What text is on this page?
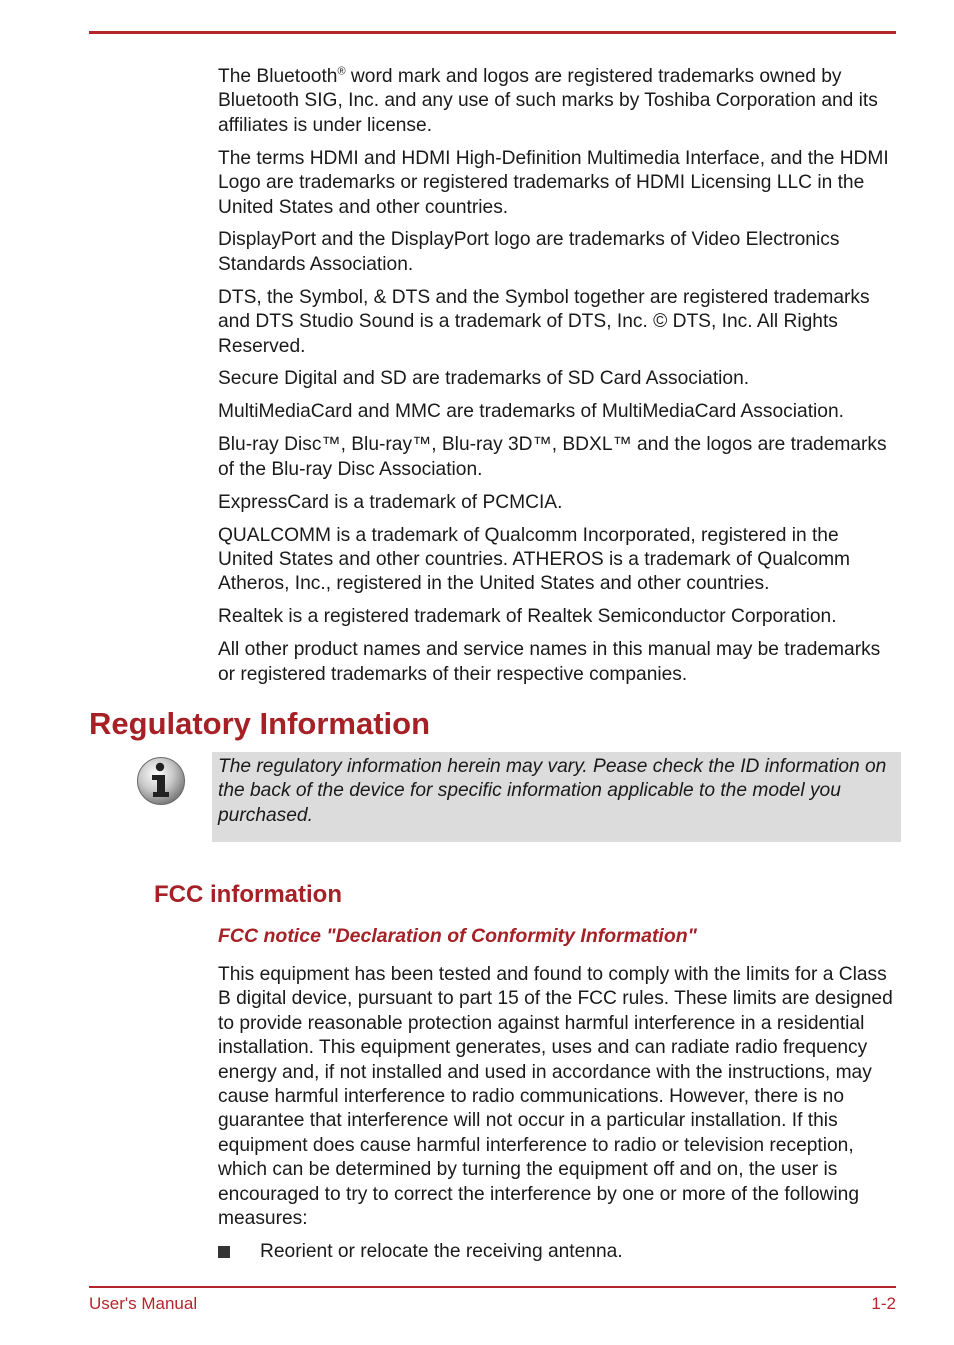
The Bluetooth® word mark and logos are registered trademarks owned by Bluetooth SIG, Inc. and any use of such marks by Toshiba Corporation and its affiliates is under license.

The terms HDMI and HDMI High-Definition Multimedia Interface, and the HDMI Logo are trademarks or registered trademarks of HDMI Licensing LLC in the United States and other countries.

DisplayPort and the DisplayPort logo are trademarks of Video Electronics Standards Association.

DTS, the Symbol, & DTS and the Symbol together are registered trademarks and DTS Studio Sound is a trademark of DTS, Inc. © DTS, Inc. All Rights Reserved.

Secure Digital and SD are trademarks of SD Card Association.

MultiMediaCard and MMC are trademarks of MultiMediaCard Association.

Blu-ray Disc™, Blu-ray™, Blu-ray 3D™, BDXL™ and the logos are trademarks of the Blu-ray Disc Association.

ExpressCard is a trademark of PCMCIA.

QUALCOMM is a trademark of Qualcomm Incorporated, registered in the United States and other countries. ATHEROS is a trademark of Qualcomm Atheros, Inc., registered in the United States and other countries.

Realtek is a registered trademark of Realtek Semiconductor Corporation.

All other product names and service names in this manual may be trademarks or registered trademarks of their respective companies.

Regulatory Information

The regulatory information herein may vary. Pease check the ID information on the back of the device for specific information applicable to the model you purchased.

FCC information
FCC notice "Declaration of Conformity Information"

This equipment has been tested and found to comply with the limits for a Class B digital device, pursuant to part 15 of the FCC rules. These limits are designed to provide reasonable protection against harmful interference in a residential installation. This equipment generates, uses and can radiate radio frequency energy and, if not installed and used in accordance with the instructions, may cause harmful interference to radio communications. However, there is no guarantee that interference will not occur in a particular installation. If this equipment does cause harmful interference to radio or television reception, which can be determined by turning the equipment off and on, the user is encouraged to try to correct the interference by one or more of the following measures:

Reorient or relocate the receiving antenna.
User's Manual	1-2
